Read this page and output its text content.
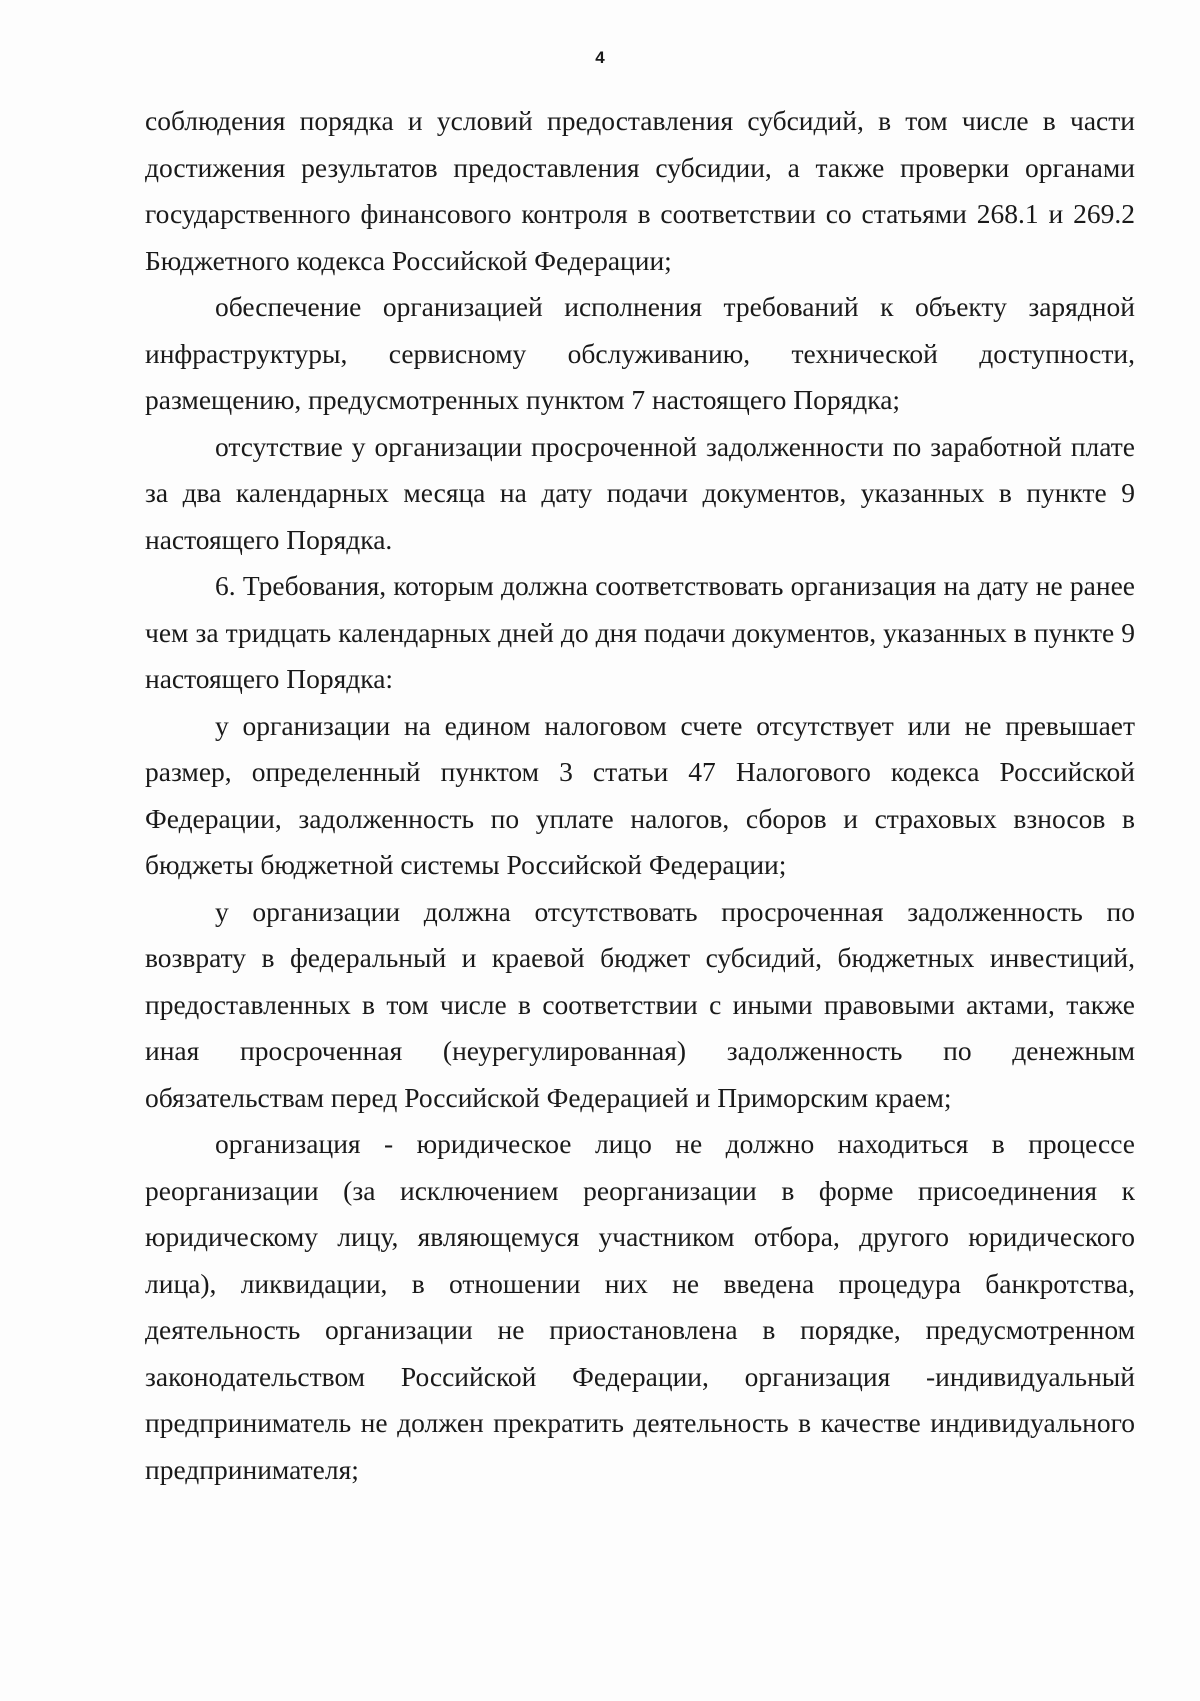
4

соблюдения порядка и условий предоставления субсидий, в том числе в части достижения результатов предоставления субсидии, а также проверки органами государственного финансового контроля в соответствии со статьями 268.1 и 269.2 Бюджетного кодекса Российской Федерации;

обеспечение организацией исполнения требований к объекту зарядной инфраструктуры, сервисному обслуживанию, технической доступности, размещению, предусмотренных пунктом 7 настоящего Порядка;

отсутствие у организации просроченной задолженности по заработной плате за два календарных месяца на дату подачи документов, указанных в пункте 9 настоящего Порядка.

6. Требования, которым должна соответствовать организация на дату не ранее чем за тридцать календарных дней до дня подачи документов, указанных в пункте 9 настоящего Порядка:

у организации на едином налоговом счете отсутствует или не превышает размер, определенный пунктом 3 статьи 47 Налогового кодекса Российской Федерации, задолженность по уплате налогов, сборов и страховых взносов в бюджеты бюджетной системы Российской Федерации;

у организации должна отсутствовать просроченная задолженность по возврату в федеральный и краевой бюджет субсидий, бюджетных инвестиций, предоставленных в том числе в соответствии с иными правовыми актами, также иная просроченная (неурегулированная) задолженность по денежным обязательствам перед Российской Федерацией и Приморским краем;

организация - юридическое лицо не должно находиться в процессе реорганизации (за исключением реорганизации в форме присоединения к юридическому лицу, являющемуся участником отбора, другого юридического лица), ликвидации, в отношении них не введена процедура банкротства, деятельность организации не приостановлена в порядке, предусмотренном законодательством Российской Федерации, организация -индивидуальный предприниматель не должен прекратить деятельность в качестве индивидуального предпринимателя;
